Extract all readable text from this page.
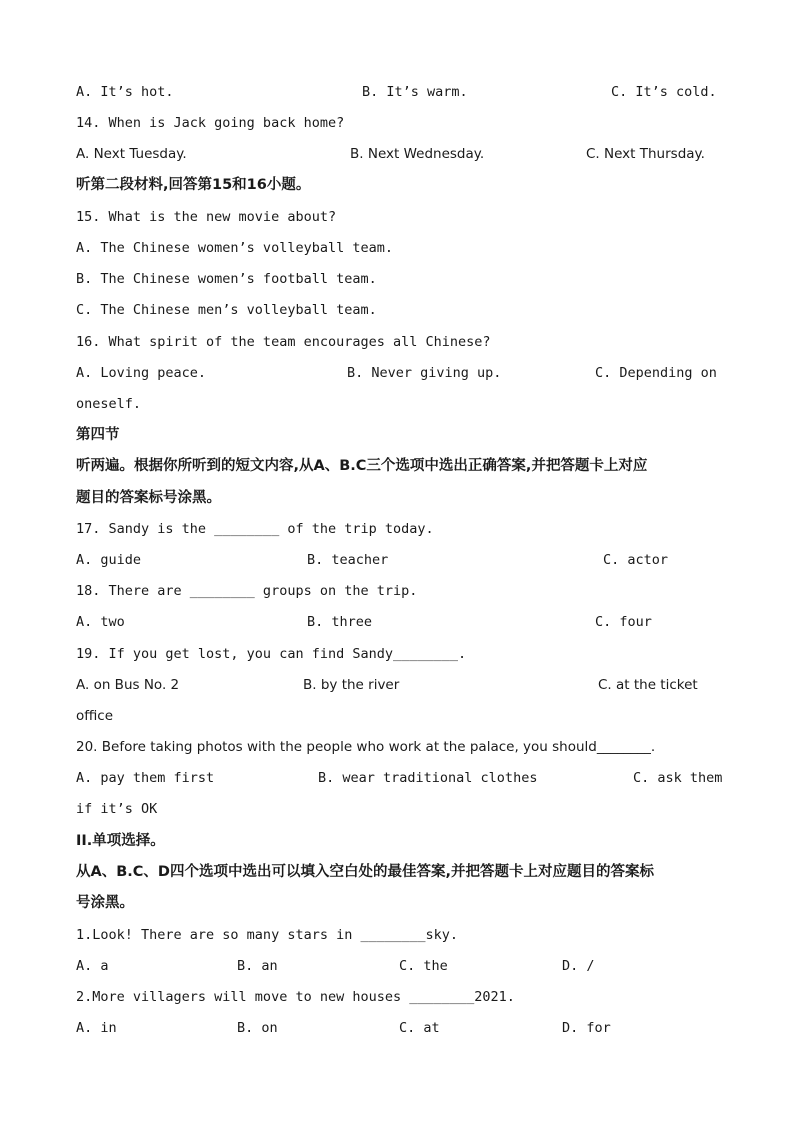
A. It’s hot.	B. It’s warm.	C. It’s cold.
14. When is Jack going back home?
A. Next Tuesday.	B. Next Wednesday.	C. Next Thursday.
听第二段材料,回答第15和16小题。
15. What is the new movie about?
A. The Chinese women’s volleyball team.
B. The Chinese women’s football team.
C. The Chinese men’s volleyball team.
16. What spirit of the team encourages all Chinese?
A. Loving peace.	B. Never giving up.	C. Depending on
oneself.
第四节
听两遍。根据你所听到的短文内容,从A、B.C三个选项中选出正确答案,并把答题卡上对应
题目的答案标号涂黑。
17. Sandy is the ________ of the trip today.
A. guide	B. teacher	C. actor
18. There are ________ groups on the trip.
A. two	B. three	C. four
19. If you get lost, you can find Sandy________.
A. on Bus No. 2	B. by the river	C. at the ticket
office
20. Before taking photos with the people who work at the palace, you should________.
A. pay them first	B. wear traditional clothes	C. ask them
if it’s OK
II.单项选择。
从A、B.C、D四个选项中选出可以填入空白处的最佳答案,并把答题卡上对应题目的答案标
号涂黑。
1.Look! There are so many stars in ________sky.
A. a	B. an	C. the	D. /
2.More villagers will move to new houses ________2021.
A. in	B. on	C. at	D. for
